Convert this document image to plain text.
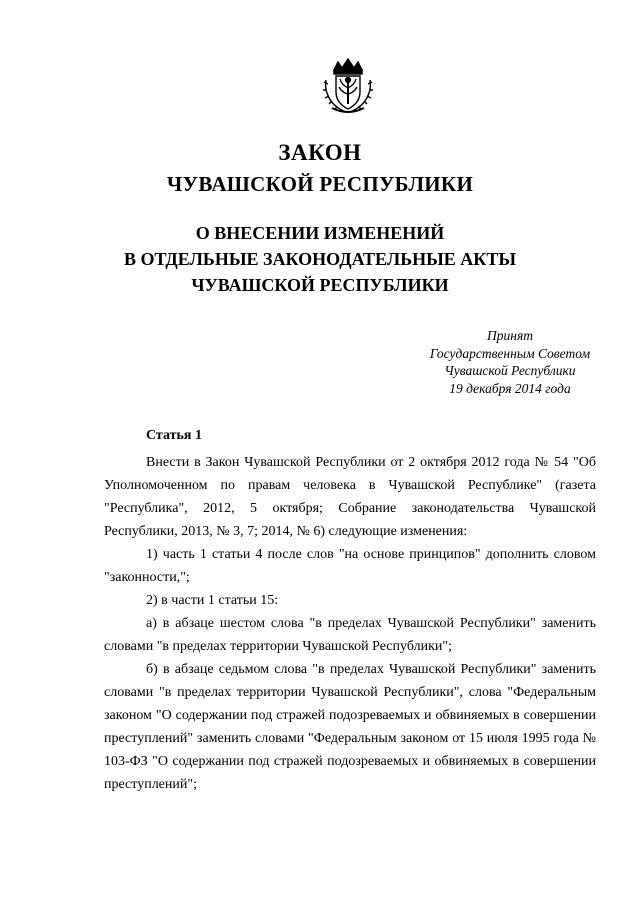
ЗАКОН
ЧУВАШСКОЙ РЕСПУБЛИКИ
О ВНЕСЕНИИ ИЗМЕНЕНИЙ
В ОТДЕЛЬНЫЕ ЗАКОНОДАТЕЛЬНЫЕ АКТЫ
ЧУВАШСКОЙ РЕСПУБЛИКИ
Принят
Государственным Советом
Чувашской Республики
19 декабря 2014 года
Статья 1

Внести в Закон Чувашской Республики от 2 октября 2012 года № 54 "Об Уполномоченном по правам человека в Чувашской Республике" (газета "Республика", 2012, 5 октября; Собрание законодательства Чувашской Республики, 2013, № 3, 7; 2014, № 6) следующие изменения:

1) часть 1 статьи 4 после слов "на основе принципов" дополнить словом "законности,";

2) в части 1 статьи 15:

а) в абзаце шестом слова "в пределах Чувашской Республики" заменить словами "в пределах территории Чувашской Республики";

б) в абзаце седьмом слова "в пределах Чувашской Республики" заменить словами "в пределах территории Чувашской Республики", слова "Федеральным законом "О содержании под стражей подозреваемых и обвиняемых в совершении преступлений" заменить словами "Федеральным законом от 15 июля 1995 года № 103-ФЗ "О содержании под стражей подозреваемых и обвиняемых в совершении преступлений";
